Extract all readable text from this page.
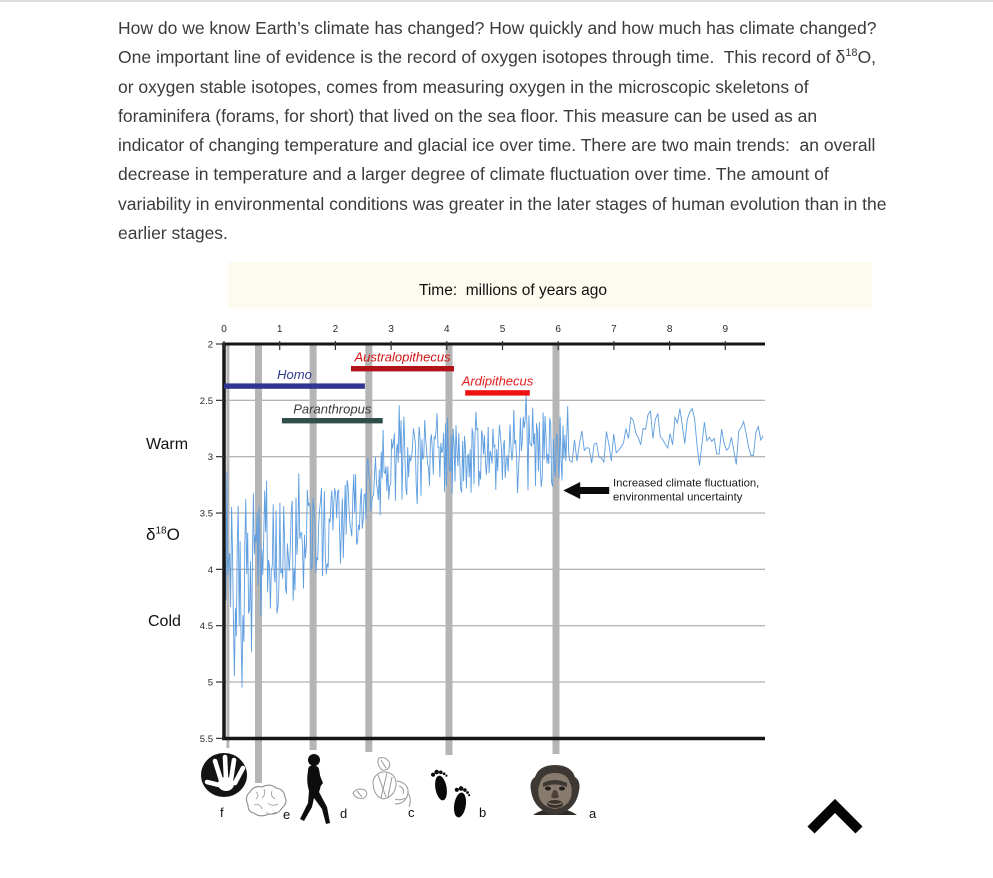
How do we know Earth’s climate has changed? How quickly and how much has climate changed? One important line of evidence is the record of oxygen isotopes through time.  This record of $\delta^{18}O$, or oxygen stable isotopes, comes from measuring oxygen in the microscopic skeletons of foraminifera (forams, for short) that lived on the sea floor. This measure can be used as an indicator of changing temperature and glacial ice over time. There are two main trends:  an overall decrease in temperature and a larger degree of climate fluctuation over time. The amount of variability in environmental conditions was greater in the later stages of human evolution than in the earlier stages.

Time:  millions of years ago
0	1	2	3	4	5	6	7	8	9
2
2.5
3
3.5
4
4.5
5
5.5
Homo
Australopithecus
Ardipithecus
Paranthropus
Increased climate fluctuation,
environmental uncertainty
Warm
$\delta^{18}O$
Cold
f	e	d	c	b	a
